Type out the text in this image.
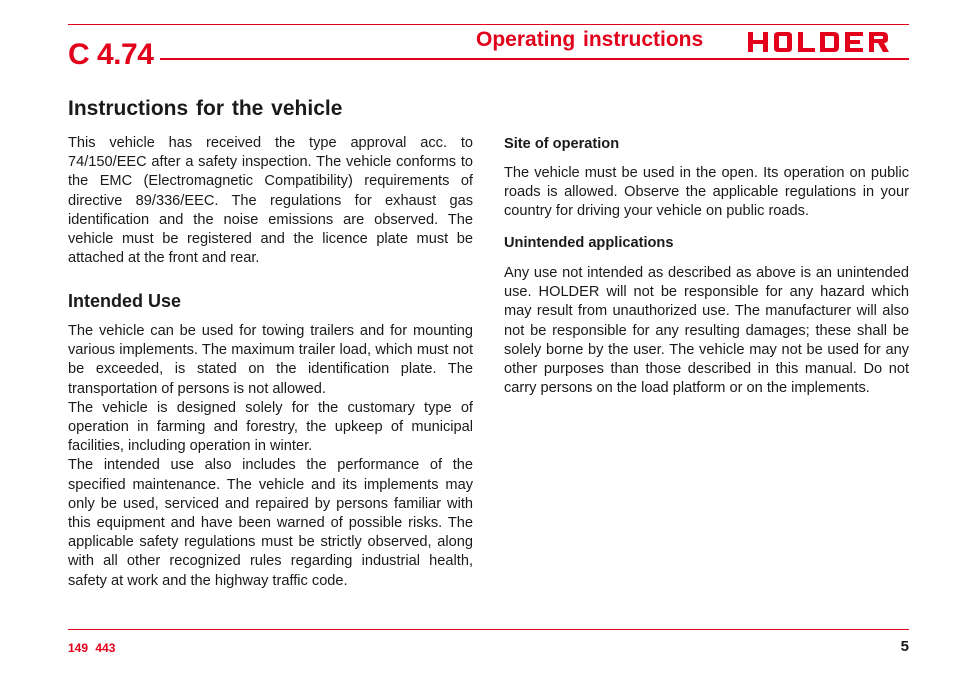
C 4.74	Operating instructions
Instructions for the vehicle

This vehicle has received the type approval acc. to 74/150/EEC after a safety inspection. The vehicle conforms to the EMC (Electromagnetic Compatibility) requirements of directive 89/336/EEC. The regulations for exhaust gas identification and the noise emissions are observed. The vehicle must be registered and the licence plate must be attached at the front and rear.

Intended Use

The vehicle can be used for towing trailers and for mounting various implements. The maximum trailer load, which must not be exceeded, is stated on the identification plate. The transportation of persons is not allowed.

The vehicle is designed solely for the customary type of operation in farming and forestry, the upkeep of municipal facilities, including operation in winter.

The intended use also includes the performance of the specified maintenance. The vehicle and its implements may only be used, serviced and repaired by persons familiar with this equipment and have been warned of possible risks. The applicable safety regulations must be strictly observed, along with all other recognized rules regarding industrial health, safety at work and the highway traffic code.

Site of operation

The vehicle must be used in the open. Its operation on public roads is allowed. Observe the applicable regulations in your country for driving your vehicle on public roads.

Unintended applications

Any use not intended as described as above is an unintended use. HOLDER will not be responsible for any hazard which may result from unauthorized use. The manufacturer will also not be responsible for any resulting damages; these shall be solely borne by the user. The vehicle may not be used for any other purposes than those described in this manual. Do not carry persons on the load platform or on the implements.

149 443	5
